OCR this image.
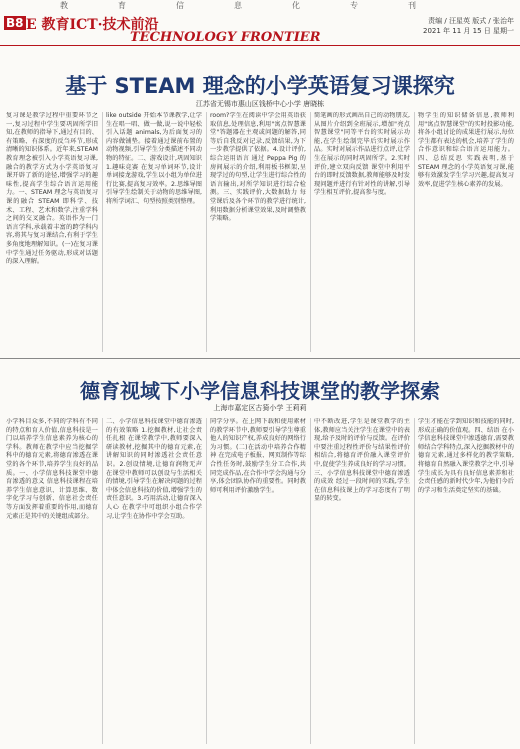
教	育	信	息	化	专	刊
B8 E 教育ICT·技术前沿
TECHNOLOGY FRONTIER
责编 / 汪星英 版式 / 张治年
2021 年 11 月 15 日 星期一
基于 STEAM 理念的小学英语复习课探究
江苏省无锡市惠山区钱桥中心小学 唐晓栋
复习课是教学过程中重要环节之一,复习过程中学生要巩固所学旧知,在教师的指导下,通过有目的、有策略、有深度的反刍环节,形成清晰的知识体系。近年来,STEAM 教育理念被引入小学英语复习课,融合的教学方式为小学英语复习课开辟了新的途径,增强学习的趣味性,提高学生综合语言运用能力。一、STEAM 理念与英语复习课的融合 STEAM 即科学、技术、工程、艺术和数学,注重学科之间的交叉融合。英语作为一门语言学科,承载着丰富的跨学科内容,将其与复习课结合,有利于学生多角度地理解知识。(一)在复习课中学生通过任务驱动,形成对话题的深入理解。
like outside 开始本节课教学,让学生在唱一唱、做一做,说一说中轻松引入话题 animals,为后面复习的内容做铺垫。接着通过课前布置的动物视频,引导学生分类描述不同动物的特征。二、游戏设计,巩固知识 1.趣味竞赛 在复习单词环节,设计单词接龙游戏,学生以小组为单位进行比赛,提高复习效率。2.思维导图 引导学生绘制关于动物的思维导图,将所学词汇、句型按照类别整理。
room?学生在阅读中学会用英语获取信息,处理信息,利用"寓点智慧课堂"答题器在主观或问题的解答,同等后自我反对记录,反馈结果,为下一步教学提供了依据。4.设计评价,综合运用语言 通过 Peppa Pig 的房间展示的介绍,利用板书框架,呈现学过的句型,让学生进行综合性的语言输出,对所学知识进行综合检测。三、实践评价,大数据助力 每堂课后及各个环节的教学进行统计,利用数据分析课堂效果,及时调整教学策略。
简笔画的形式画出自己的动物朋友,从图片介绍到全班展示,增加"亮点智慧课堂"同等平台的实时展示功能,在学生绘制完毕后实时展示作品。实时对展示作品进行点评,让学生在展示的同时巩固所学。2.实时评价,建立双向反馈 课堂中利用平台的即时反馈数据,教师能够及时发现问题并进行有针对性的讲解,引导学生相互评价,提高参与度。
物学生的知识储备信息,教师利用"寓点智慧课堂"的实时投影功能,将各小组讨论的成果进行展示,每位学生都有表达的机会,培养了学生的合作意识和综合语言运用能力。四、总结反思 实践表明,基于 STEAM 理念的小学英语复习课,能够有效激发学生学习兴趣,提高复习效率,促进学生核心素养的发展。
德育视域下小学信息科技课堂的教学探索
上海市嘉定区古猗小学 王莉莉
小学科目众多,不同的学科有不同的特点和育人价值,信息科技是一门以培养学生信息素养为核心的学科。教师在教学中应当挖掘学科中的德育元素,将德育渗透在课堂的各个环节,培养学生良好的品质。一、小学信息科技课堂中德育渗透的意义 信息科技课程在培养学生信息意识、计算思维、数字化学习与创新、信息社会责任等方面发挥着重要的作用,而德育元素正是其中的关键组成部分。
二、小学信息科技课堂中德育渗透的有效策略 1.挖掘教材,让社会责任扎根 在课堂教学中,教师要深入研读教材,挖掘其中的德育元素,在讲解知识的同时渗透社会责任意识。2.创设情境,让德育润物无声 在课堂中教师可以创设与生活相关的情境,引导学生在解决问题的过程中体会信息科技的价值,增强学生的责任意识。3.巧用活动,让德育深入人心 在教学中可组织小组合作学习,让学生在协作中学会互助。
同学分享。在上网下载和使用素材的教学环节中,教师要引导学生尊重他人的知识产权,养成良好的网络行为习惯。(二)在活动中培养合作精神 在完成电子板报、网页制作等综合性任务时,鼓励学生分工合作,共同完成作品,在合作中学会沟通与分享,体会团队协作的重要性。同时教师可利用评价激励学生。
中不断改进,学生是课堂教学的主体,教师应当关注学生在课堂中的表现,给予及时的评价与反馈。在评价中要注重过程性评价与结果性评价相结合,将德育评价融入课堂评价中,促使学生养成良好的学习习惯。三、小学信息科技课堂中德育渗透的成效 经过一段时间的实践,学生在信息科技课上的学习态度有了明显的转变。
学生才能在学到知识和技能的同时,形成正确的价值观。四、结语 在小学信息科技课堂中渗透德育,需要教师结合学科特点,深入挖掘教材中的德育元素,通过多样化的教学策略,将德育自然融入课堂教学之中,引导学生成长为具有良好信息素养和社会责任感的新时代少年,为他们今后的学习和生活奠定坚实的基础。
